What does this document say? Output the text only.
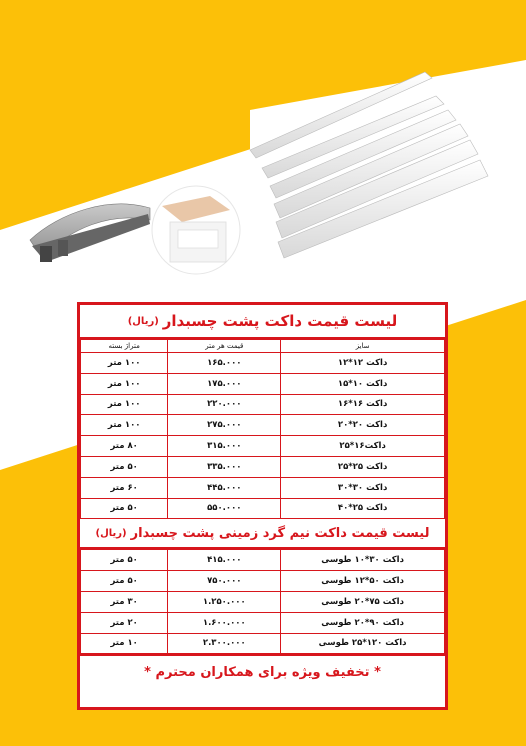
لیست قیمت داکت پشت چسبدار
(ریال)
سایز	قیمت هر متر	متراژ بسته
داکت ۱۲*۱۲	۱۶۵.۰۰۰	۱۰۰ متر
داکت ۱۰*۱۵	۱۷۵.۰۰۰	۱۰۰ متر
داکت ۱۶*۱۶	۲۲۰.۰۰۰	۱۰۰ متر
داکت ۲۰*۲۰	۲۷۵.۰۰۰	۱۰۰ متر
داکت۱۶*۲۵	۳۱۵.۰۰۰	۸۰ متر
داکت ۲۵*۲۵	۳۳۵.۰۰۰	۵۰ متر
داکت ۳۰*۳۰	۴۴۵.۰۰۰	۶۰ متر
داکت ۲۵*۴۰	۵۵۰.۰۰۰	۵۰ متر
لیست قیمت داکت نیم گرد زمینی پشت چسبدار
(ریال)
داکت ۳۰*۱۰ طوسی	۴۱۵.۰۰۰	۵۰ متر
داکت ۵۰*۱۲ طوسی	۷۵۰.۰۰۰	۵۰ متر
داکت ۷۵*۲۰ طوسی	۱.۲۵۰.۰۰۰	۳۰ متر
داکت ۹۰*۲۰ طوسی	۱.۶۰۰.۰۰۰	۲۰ متر
داکت ۱۲۰*۲۵ طوسی	۲.۳۰۰.۰۰۰	۱۰ متر
* تخفیف ویژه برای همکاران محترم *
